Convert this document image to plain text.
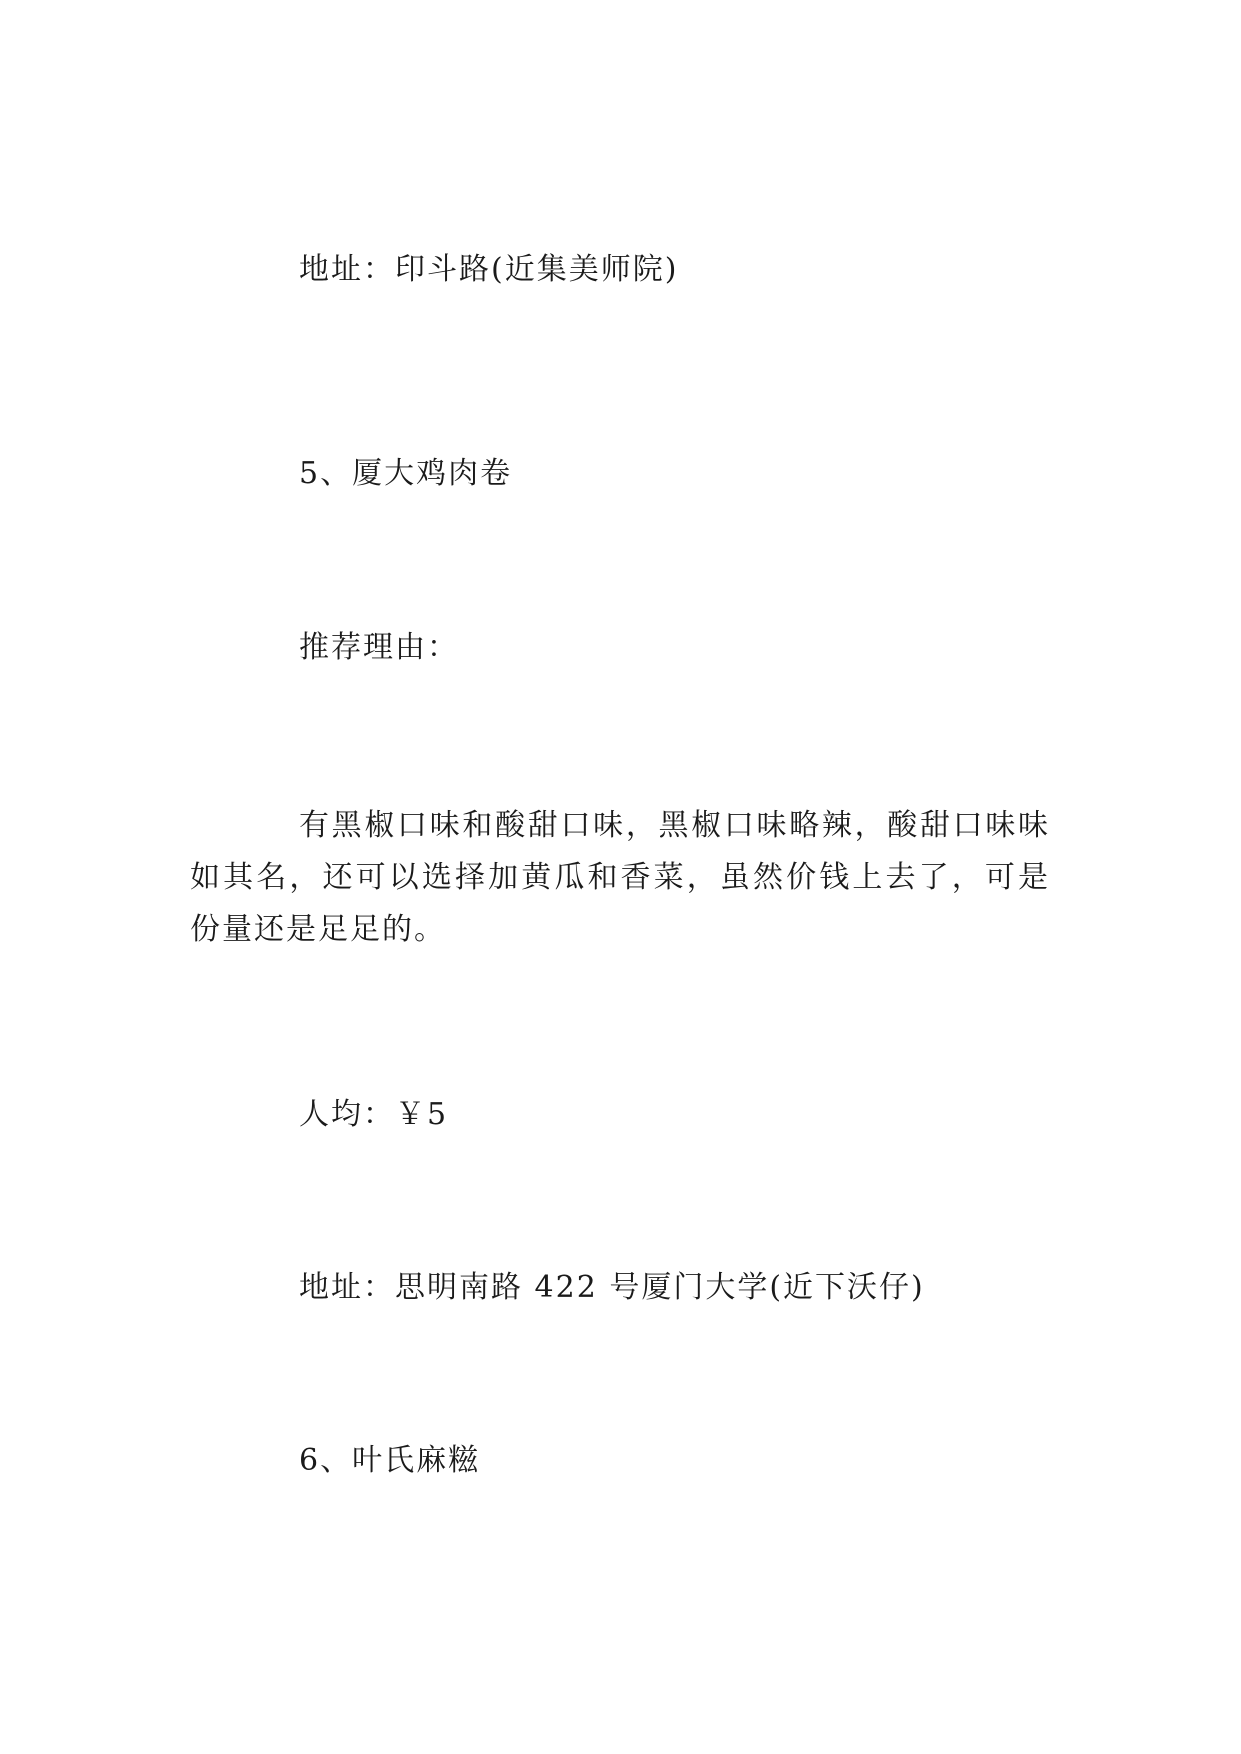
地址：印斗路(近集美师院)
5、厦大鸡肉卷
推荐理由：
有黑椒口味和酸甜口味，黑椒口味略辣，酸甜口味味如其名，还可以选择加黄瓜和香菜，虽然价钱上去了，可是份量还是足足的。
人均：￥5
地址：思明南路 422 号厦门大学(近下沃仔)
6、叶氏麻糍
